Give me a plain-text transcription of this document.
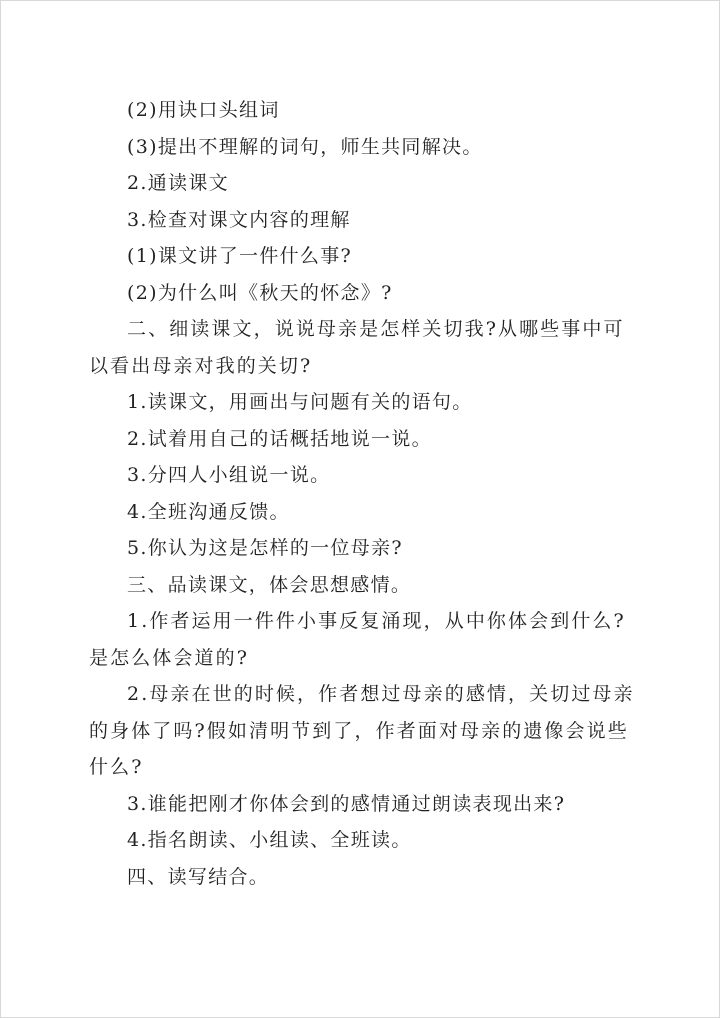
(2)用诀口头组词

(3)提出不理解的词句，师生共同解决。

2.通读课文

3.检查对课文内容的理解

(1)课文讲了一件什么事?

(2)为什么叫《秋天的怀念》?

二、细读课文，说说母亲是怎样关切我?从哪些事中可以看出母亲对我的关切?

1.读课文，用画出与问题有关的语句。

2.试着用自己的话概括地说一说。

3.分四人小组说一说。

4.全班沟通反馈。

5.你认为这是怎样的一位母亲?

三、品读课文，体会思想感情。

1.作者运用一件件小事反复涌现，从中你体会到什么?是怎么体会道的?

2.母亲在世的时候，作者想过母亲的感情，关切过母亲的身体了吗?假如清明节到了，作者面对母亲的遗像会说些什么?

3.谁能把刚才你体会到的感情通过朗读表现出来?

4.指名朗读、小组读、全班读。

四、读写结合。
